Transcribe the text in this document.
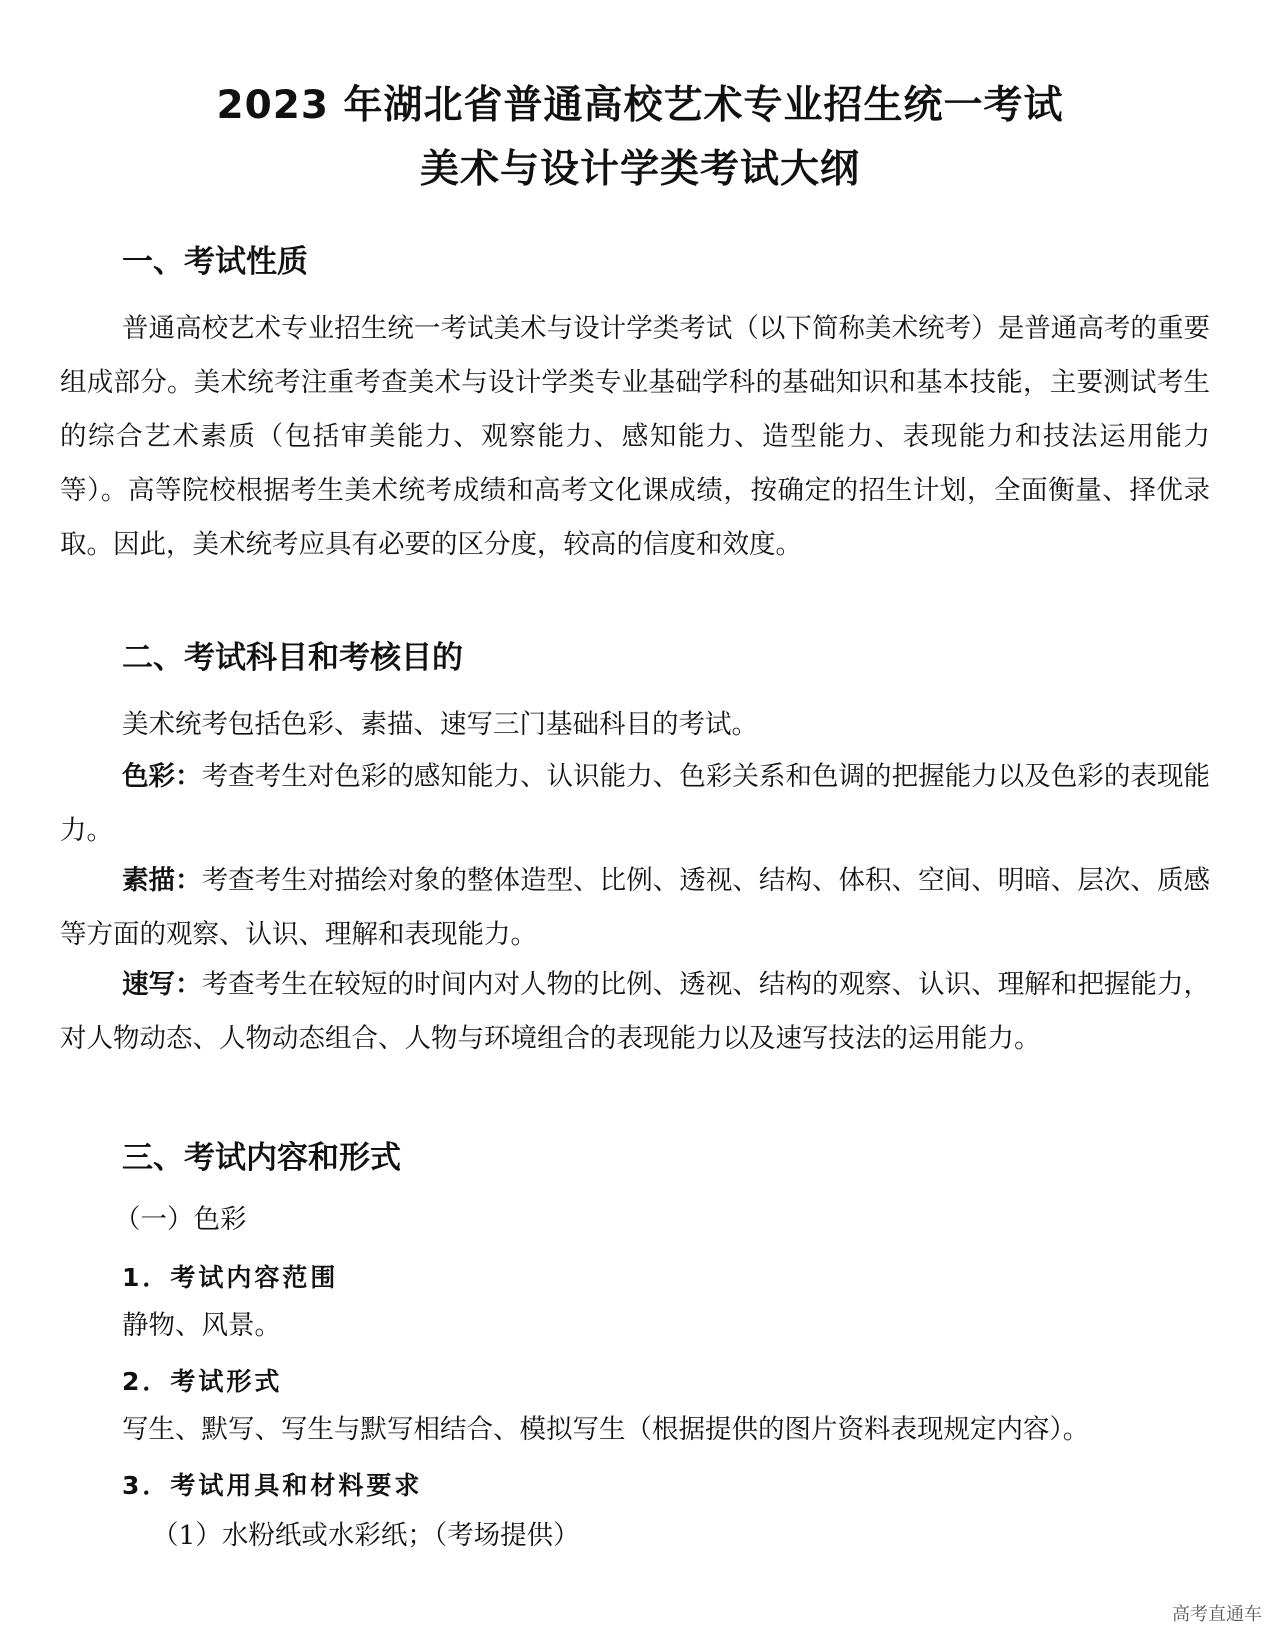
2023 年湖北省普通高校艺术专业招生统一考试
美术与设计学类考试大纲
一、考试性质

普通高校艺术专业招生统一考试美术与设计学类考试（以下简称美术统考）是普通高考的重要组成部分。美术统考注重考查美术与设计学类专业基础学科的基础知识和基本技能，主要测试考生的综合艺术素质（包括审美能力、观察能力、感知能力、造型能力、表现能力和技法运用能力等）。高等院校根据考生美术统考成绩和高考文化课成绩，按确定的招生计划，全面衡量、择优录取。因此，美术统考应具有必要的区分度，较高的信度和效度。

二、考试科目和考核目的

美术统考包括色彩、素描、速写三门基础科目的考试。

色彩：考查考生对色彩的感知能力、认识能力、色彩关系和色调的把握能力以及色彩的表现能力。

素描：考查考生对描绘对象的整体造型、比例、透视、结构、体积、空间、明暗、层次、质感等方面的观察、认识、理解和表现能力。

速写：考查考生在较短的时间内对人物的比例、透视、结构的观察、认识、理解和把握能力，对人物动态、人物动态组合、人物与环境组合的表现能力以及速写技法的运用能力。

三、考试内容和形式

（一）色彩

1．考试内容范围

静物、风景。

2．考试形式

写生、默写、写生与默写相结合、模拟写生（根据提供的图片资料表现规定内容）。

3．考试用具和材料要求

（1）水粉纸或水彩纸；（考场提供）

高考直通车
